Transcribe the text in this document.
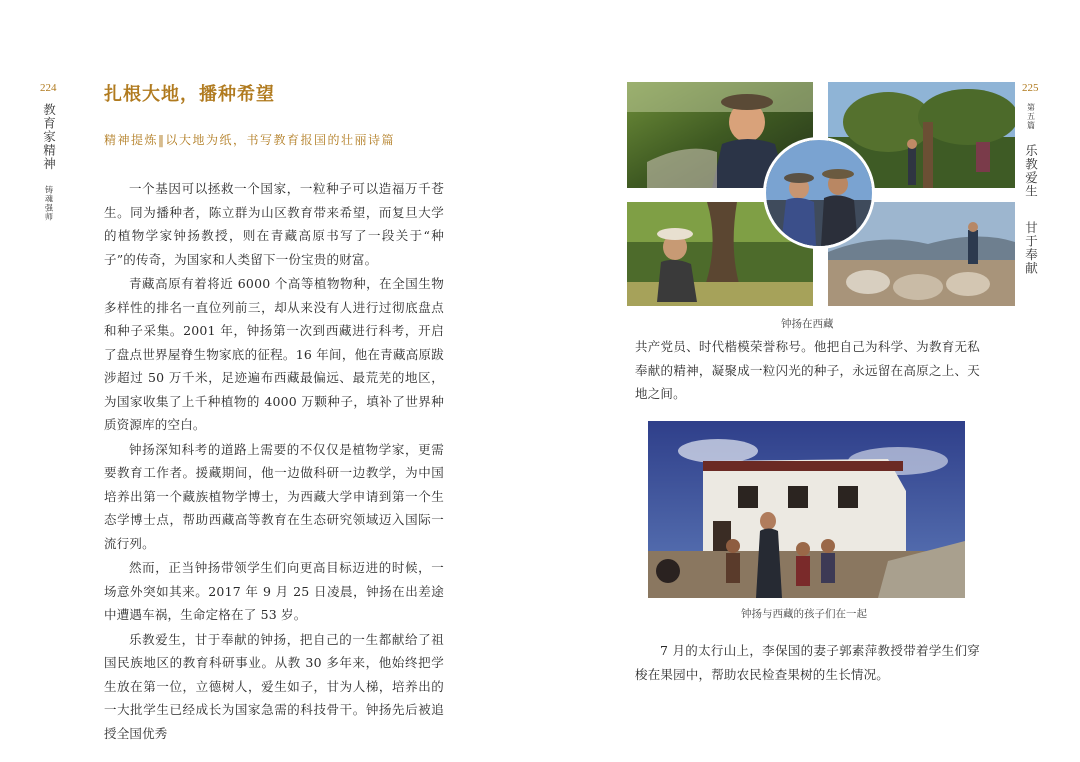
224
教育家精神  铸魂强师
扎根大地，播种希望
精神提炼‖以大地为纸，书写教育报国的壮丽诗篇

一个基因可以拯救一个国家，一粒种子可以造福万千苍生。同为播种者，陈立群为山区教育带来希望，而复旦大学的植物学家钟扬教授，则在青藏高原书写了一段关于“种子”的传奇，为国家和人类留下一份宝贵的财富。

青藏高原有着将近 6000 个高等植物物种，在全国生物多样性的排名一直位列前三，却从来没有人进行过彻底盘点和种子采集。2001 年，钟扬第一次到西藏进行科考，开启了盘点世界屋脊生物家底的征程。16 年间，他在青藏高原跋涉超过 50 万千米，足迹遍布西藏最偏远、最荒芜的地区，为国家收集了上千种植物的 4000 万颗种子，填补了世界种质资源库的空白。

钟扬深知科考的道路上需要的不仅仅是植物学家，更需要教育工作者。援藏期间，他一边做科研一边教学，为中国培养出第一个藏族植物学博士，为西藏大学申请到第一个生态学博士点，帮助西藏高等教育在生态研究领域迈入国际一流行列。

然而，正当钟扬带领学生们向更高目标迈进的时候，一场意外突如其来。2017 年 9 月 25 日凌晨，钟扬在出差途中遭遇车祸，生命定格在了 53 岁。

乐教爱生，甘于奉献的钟扬，把自己的一生都献给了祖国民族地区的教育科研事业。从教 30 多年来，他始终把学生放在第一位，立德树人，爱生如子，甘为人梯，培养出的一大批学生已经成长为国家急需的科技骨干。钟扬先后被追授全国优秀

225
第五篇  乐教爱生  甘于奉献
钟扬在西藏

共产党员、时代楷模荣誉称号。他把自己为科学、为教育无私奉献的精神，凝聚成一粒闪光的种子，永远留在高原之上、天地之间。

钟扬与西藏的孩子们在一起

7 月的太行山上，李保国的妻子郭素萍教授带着学生们穿梭在果园中，帮助农民检查果树的生长情况。
